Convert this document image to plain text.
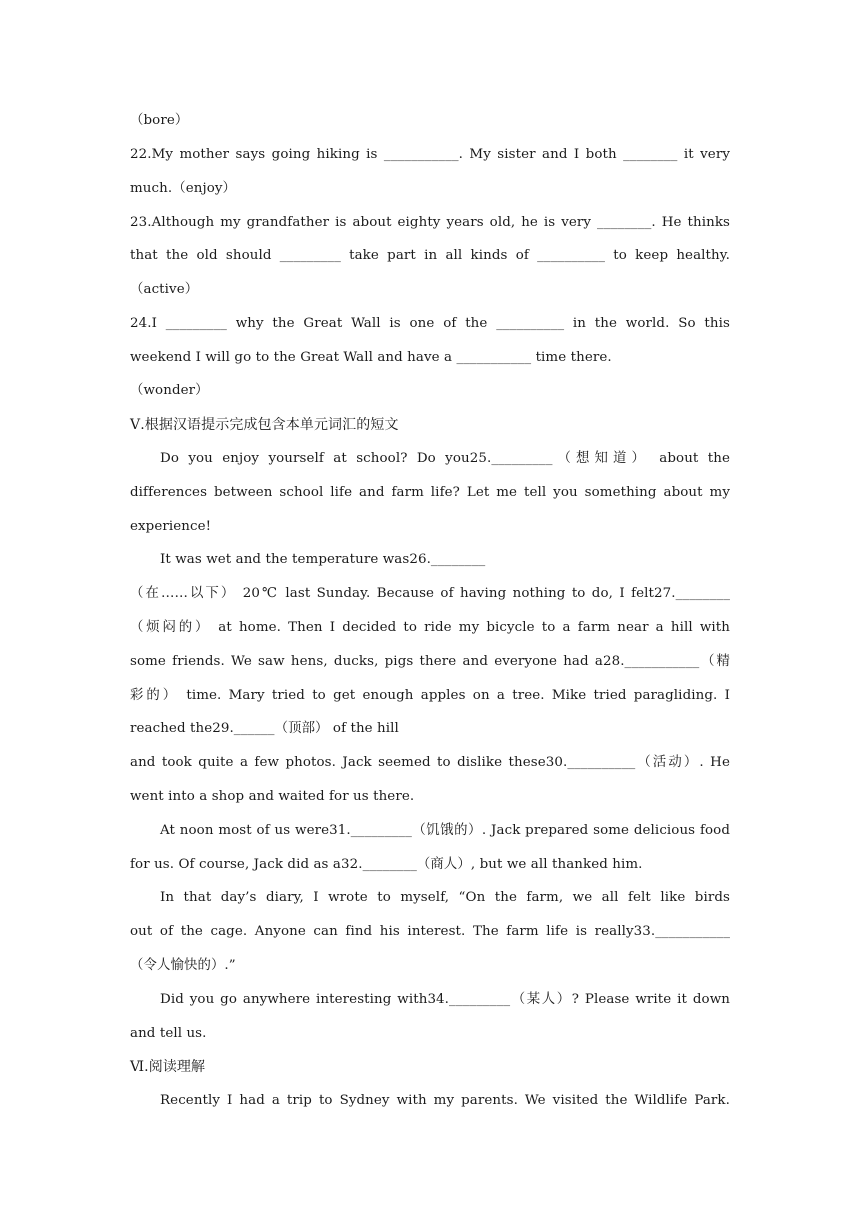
（bore）
22.My mother says going hiking is ___________. My sister and I both ________ it very
much.（enjoy）
23.Although my grandfather is about eighty years old, he is very ________. He thinks
that the old should _________ take part in all kinds of __________ to keep healthy.
（active）
24.I _________ why the Great Wall is one of the __________ in the world. So this
weekend I will go to the Great Wall and have a ___________ time there.
（wonder）
Ⅴ.根据汉语提示完成包含本单元词汇的短文
Do you enjoy yourself at school? Do you25._________（想知道） about the
differences between school life and farm life? Let me tell you something about my
experience!
It was wet and the temperature was26.________
（在……以下） 20℃ last Sunday. Because of having nothing to do, I felt27.________
（烦闷的） at home. Then I decided to ride my bicycle to a farm near a hill with
some friends. We saw hens, ducks, pigs there and everyone had a28.___________（精
彩的） time. Mary tried to get enough apples on a tree. Mike tried paragliding. I
reached the29.______（顶部） of the hill
and took quite a few photos. Jack seemed to dislike these30.__________（活动）. He
went into a shop and waited for us there.
At noon most of us were31._________（饥饿的）. Jack prepared some delicious food
for us. Of course, Jack did as a32.________（商人）, but we all thanked him.
In that day’s diary, I wrote to myself, “On the farm, we all felt like birds
out of the cage. Anyone can find his interest. The farm life is really33.___________
（令人愉快的）.”
Did you go anywhere interesting with34._________（某人）? Please write it down
and tell us.
Ⅵ.阅读理解
Recently I had a trip to Sydney with my parents. We visited the Wildlife Park.
